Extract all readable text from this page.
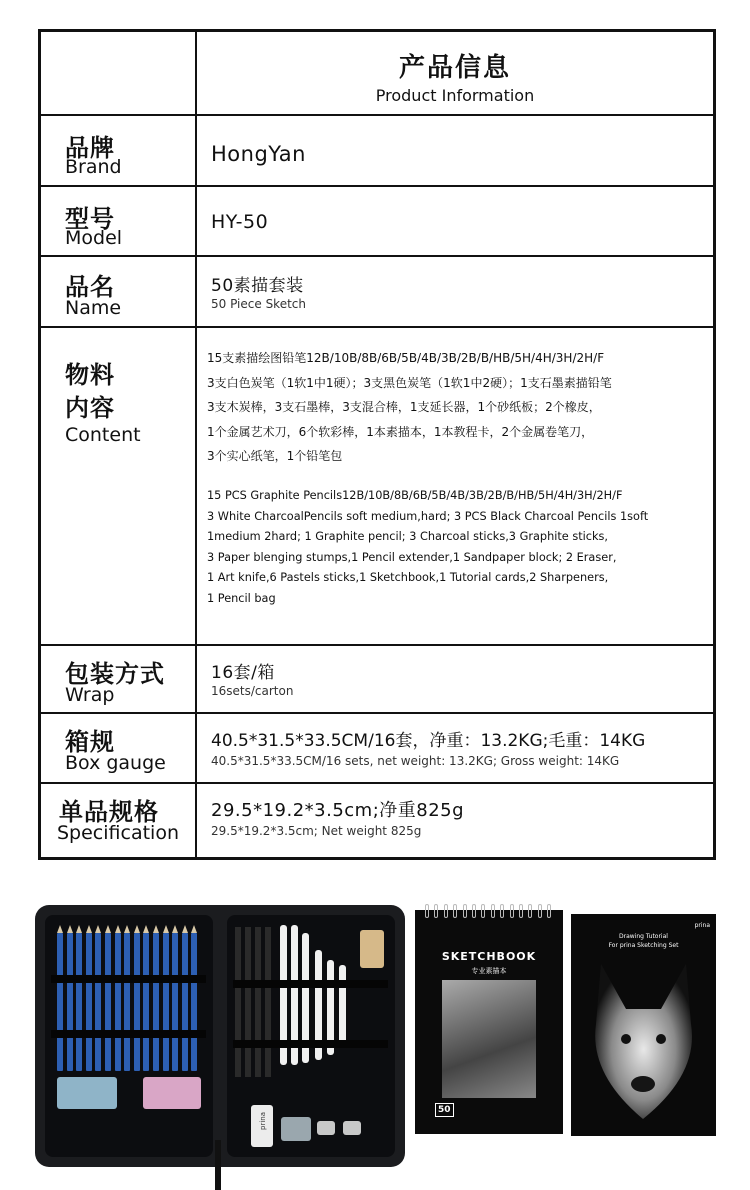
产品信息
Product Information
品牌
Brand
HongYan
型号
Model
HY-50
品名
Name
50素描套装
50 Piece Sketch
物料
内容
Content
15支素描绘图铅笔12B/10B/8B/6B/5B/4B/3B/2B/B/HB/5H/4H/3H/2H/F
3支白色炭笔（1软1中1硬）；3支黑色炭笔（1软1中2硬）；1支石墨素描铅笔
3支木炭棒，3支石墨棒，3支混合棒，1支延长器，1个砂纸板；2个橡皮，
1个金属艺术刀，6个软彩棒，1本素描本，1本教程卡，2个金属卷笔刀，
3个实心纸笔，1个铅笔包
15 PCS Graphite Pencils12B/10B/8B/6B/5B/4B/3B/2B/B/HB/5H/4H/3H/2H/F
3 White CharcoalPencils soft medium,hard; 3 PCS Black Charcoal Pencils 1soft
1medium 2hard; 1 Graphite pencil; 3 Charcoal sticks,3 Graphite sticks,
3 Paper blenging stumps,1 Pencil extender,1 Sandpaper block; 2 Eraser,
1 Art knife,6 Pastels sticks,1 Sketchbook,1 Tutorial cards,2 Sharpeners,
1 Pencil bag
包装方式
Wrap
16套/箱
16sets/carton
箱规
Box gauge
40.5*31.5*33.5CM/16套，净重：13.2KG;毛重：14KG
40.5*31.5*33.5CM/16 sets, net weight: 13.2KG; Gross weight: 14KG
单品规格
Specification
29.5*19.2*3.5cm;净重825g
29.5*19.2*3.5cm; Net weight 825g
prina
SKETCHBOOK
专业素描本
50
prina
Drawing Tutorial
For prina Sketching Set
